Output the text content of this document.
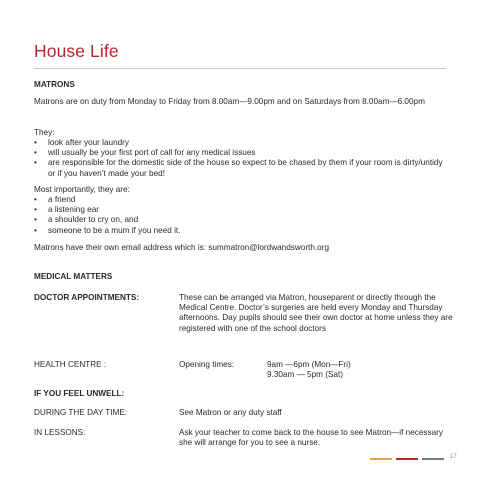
House Life
MATRONS
Matrons are on duty from Monday to Friday from 8.00am—9.00pm and on Saturdays from 8.00am—6.00pm
They:
• look after your laundry
• will usually be your first port of call for any medical issues
• are responsible for the domestic side of the house so expect to be chased by them if your room is dirty/untidy or if you haven’t made your bed!
Most importantly, they are:
• a friend
• a listening ear
• a shoulder to cry on, and
• someone to be a mum if you need it.
Matrons have their own email address which is: summatron@lordwandsworth.org
MEDICAL MATTERS
DOCTOR APPOINTMENTS:	These can be arranged via Matron, houseparent or directly through the Medical Centre. Doctor’s surgeries are held every Monday and Thursday afternoons. Day pupils should see their own doctor at home unless they are registered with one of the school doctors
HEALTH CENTRE :	Opening times:	9am —6pm (Mon—Fri)
9.30am — 5pm (Sat)
IF YOU FEEL UNWELL:
DURING THE DAY TIME:	See Matron or any duty staff
IN LESSONS:	Ask your teacher to come back to the house to see Matron—if necessary she will arrange for you to see a nurse.
17
